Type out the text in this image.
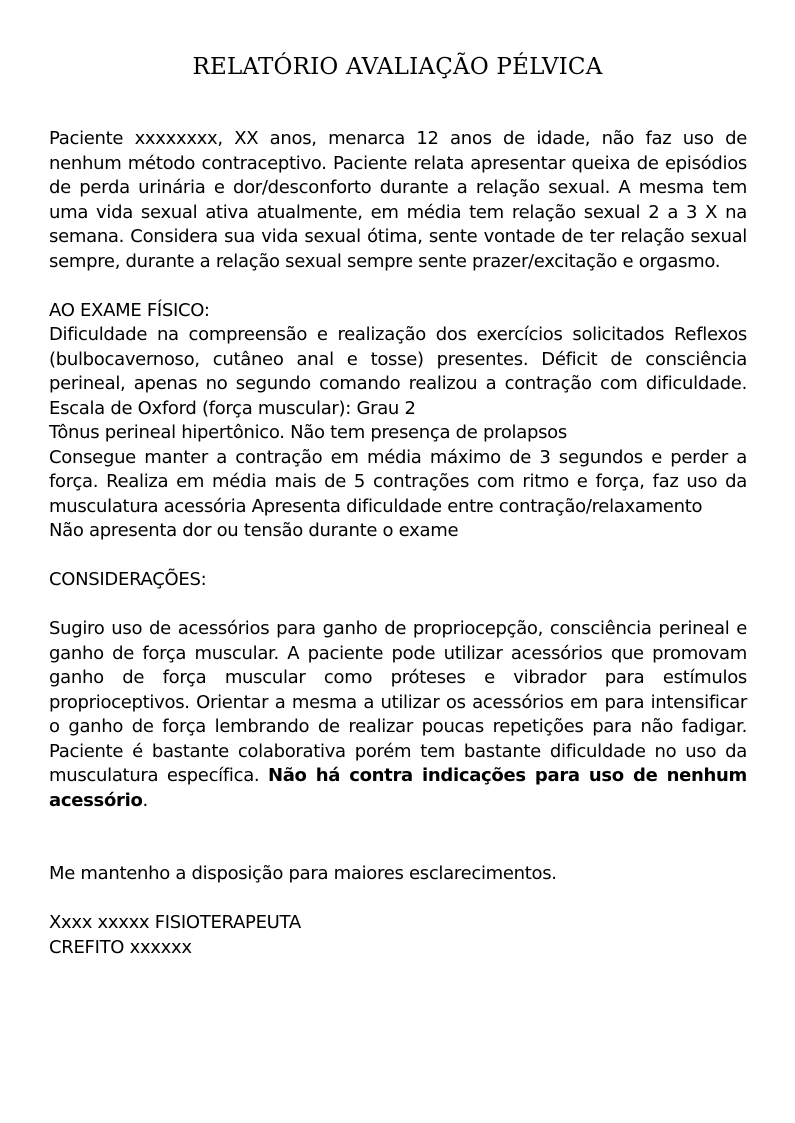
RELATÓRIO AVALIAÇÃO PÉLVICA

Paciente xxxxxxxx, XX anos, menarca 12 anos de idade, não faz uso de nenhum método contraceptivo. Paciente relata apresentar queixa de episódios de perda urinária e dor/desconforto durante a relação sexual. A mesma tem uma vida sexual ativa atualmente, em média tem relação sexual 2 a 3 X na semana. Considera sua vida sexual ótima, sente vontade de ter relação sexual sempre, durante a relação sexual sempre sente prazer/excitação e orgasmo.

AO EXAME FÍSICO:

Dificuldade na compreensão e realização dos exercícios solicitados Reflexos (bulbocavernoso, cutâneo anal e tosse) presentes. Déficit de consciência perineal, apenas no segundo comando realizou a contração com dificuldade. Escala de Oxford (força muscular): Grau 2

Tônus perineal hipertônico. Não tem presença de prolapsos

Consegue manter a contração em média máximo de 3 segundos e perder a força. Realiza em média mais de 5 contrações com ritmo e força, faz uso da musculatura acessória Apresenta dificuldade entre contração/relaxamento

Não apresenta dor ou tensão durante o exame

CONSIDERAÇÕES:

Sugiro uso de acessórios para ganho de propriocepção, consciência perineal e ganho de força muscular. A paciente pode utilizar acessórios que promovam ganho de força muscular como próteses e vibrador para estímulos proprioceptivos. Orientar a mesma a utilizar os acessórios em para intensificar o ganho de força lembrando de realizar poucas repetições para não fadigar. Paciente é bastante colaborativa porém tem bastante dificuldade no uso da musculatura específica. Não há contra indicações para uso de nenhum acessório.

Me mantenho a disposição para maiores esclarecimentos.

Xxxx xxxxx FISIOTERAPEUTA

CREFITO xxxxxx
